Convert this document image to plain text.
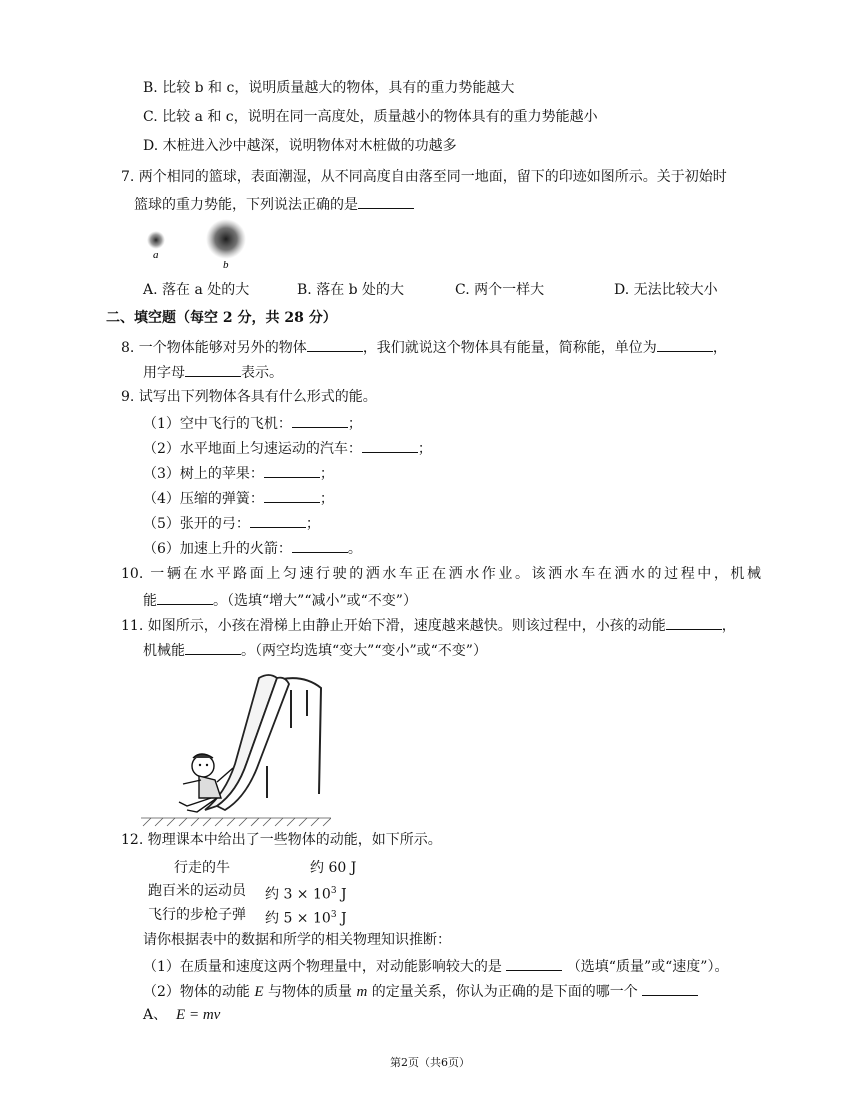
B. 比较 b 和 c，说明质量越大的物体，具有的重力势能越大
C. 比较 a 和 c，说明在同一高度处，质量越小的物体具有的重力势能越小
D. 木桩进入沙中越深，说明物体对木桩做的功越多
7. 两个相同的篮球，表面潮湿，从不同高度自由落至同一地面，留下的印迹如图所示。关于初始时
篮球的重力势能，下列说法正确的是
a
b
A. 落在 a 处的大	B. 落在 b 处的大	C. 两个一样大	D. 无法比较大小
二、填空题（每空 2 分，共 28 分）
8. 一个物体能够对另外的物体	，我们就说这个物体具有能量，简称能，单位为	，
用字母	表示。
9. 试写出下列物体各具有什么形式的能。
（1）空中飞行的飞机：	；
（2）水平地面上匀速运动的汽车：	；
（3）树上的苹果：	；
（4）压缩的弹簧：	；
（5）张开的弓：	；
（6）加速上升的火箭：	。
10. 一辆在水平路面上匀速行驶的洒水车正在洒水作业。该洒水车在洒水的过程中，机械
能	。（选填“增大”“减小”或“不变”）
11. 如图所示，小孩在滑梯上由静止开始下滑，速度越来越快。则该过程中，小孩的动能	，
机械能	。（两空均选填“变大”“变小”或“不变”）
12. 物理课本中给出了一些物体的动能，如下所示。
行走的牛	约 60 J
跑百米的运动员 约 $3 \times 10^3$ J
飞行的步枪子弹 约 $5 \times 10^3$ J
请你根据表中的数据和所学的相关物理知识推断：
（1）在质量和速度这两个物理量中，对动能影响较大的是	（选填“质量”或“速度”）。
（2）物体的动能 E 与物体的质量 m 的定量关系，你认为正确的是下面的哪一个
A、 E = mv
第2页（共6页）
